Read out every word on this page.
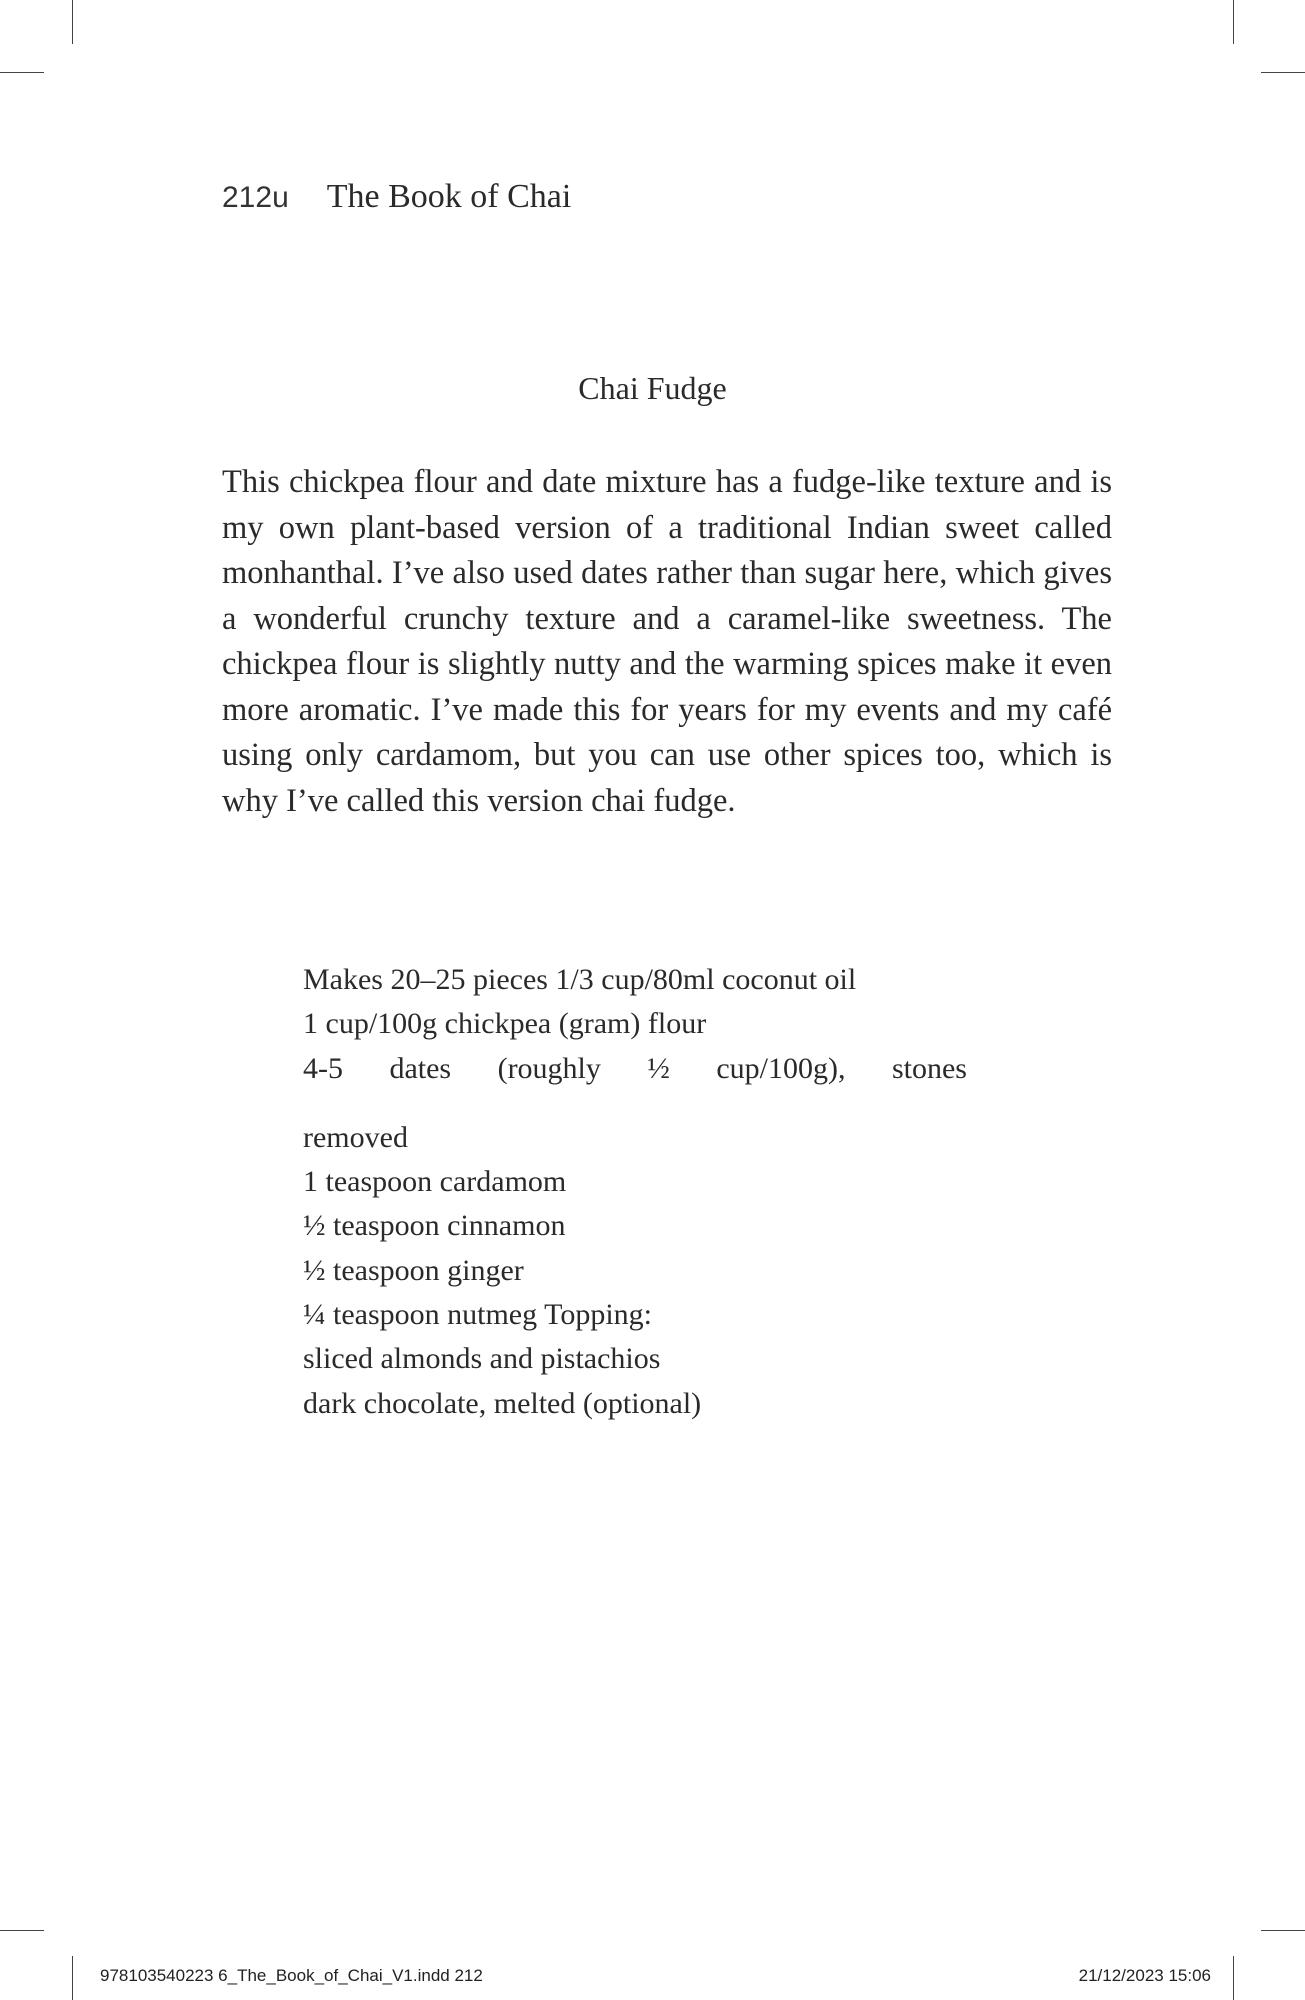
212u The Book of Chai
Chai Fudge
This chickpea flour and date mixture has a fudge-like texture and is my own plant-based version of a traditional Indian sweet called monhanthal. I’ve also used dates rather than sugar here, which gives a wonderful crunchy texture and a caramel-like sweetness. The chickpea flour is slightly nutty and the warming spices make it even more aromatic. I’ve made this for years for my events and my café using only cardamom, but you can use other spices too, which is why I’ve called this version chai fudge.
Makes 20–25 pieces 1/3 cup/80ml coconut oil
1 cup/100g chickpea (gram) flour
4-5 dates (roughly ½ cup/100g), stones
removed
1 teaspoon cardamom
½ teaspoon cinnamon
½ teaspoon ginger
¼ teaspoon nutmeg Topping:
sliced almonds and pistachios
dark chocolate, melted (optional)
978103540223 6_The_Book_of_Chai_V1.indd 212	21/12/2023 15:06
